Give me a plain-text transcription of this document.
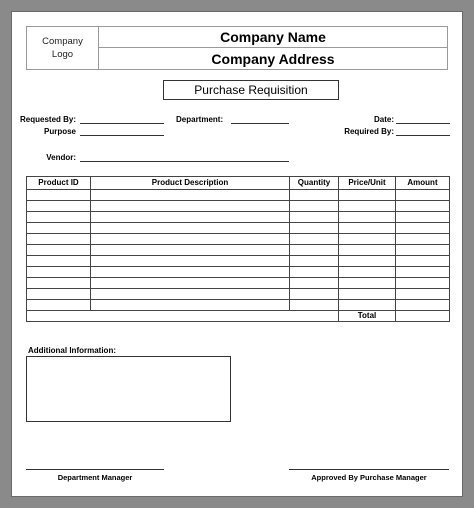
Company
Logo
Company Name
Company Address
Purchase Requisition
Requested By:
Purpose
Vendor:
Department:	Date:
Required By:
Product ID	Product Description	Quantity	Price/Unit	Amount

			Total	
Additional Information:
Department Manager	Approved By Purchase Manager
